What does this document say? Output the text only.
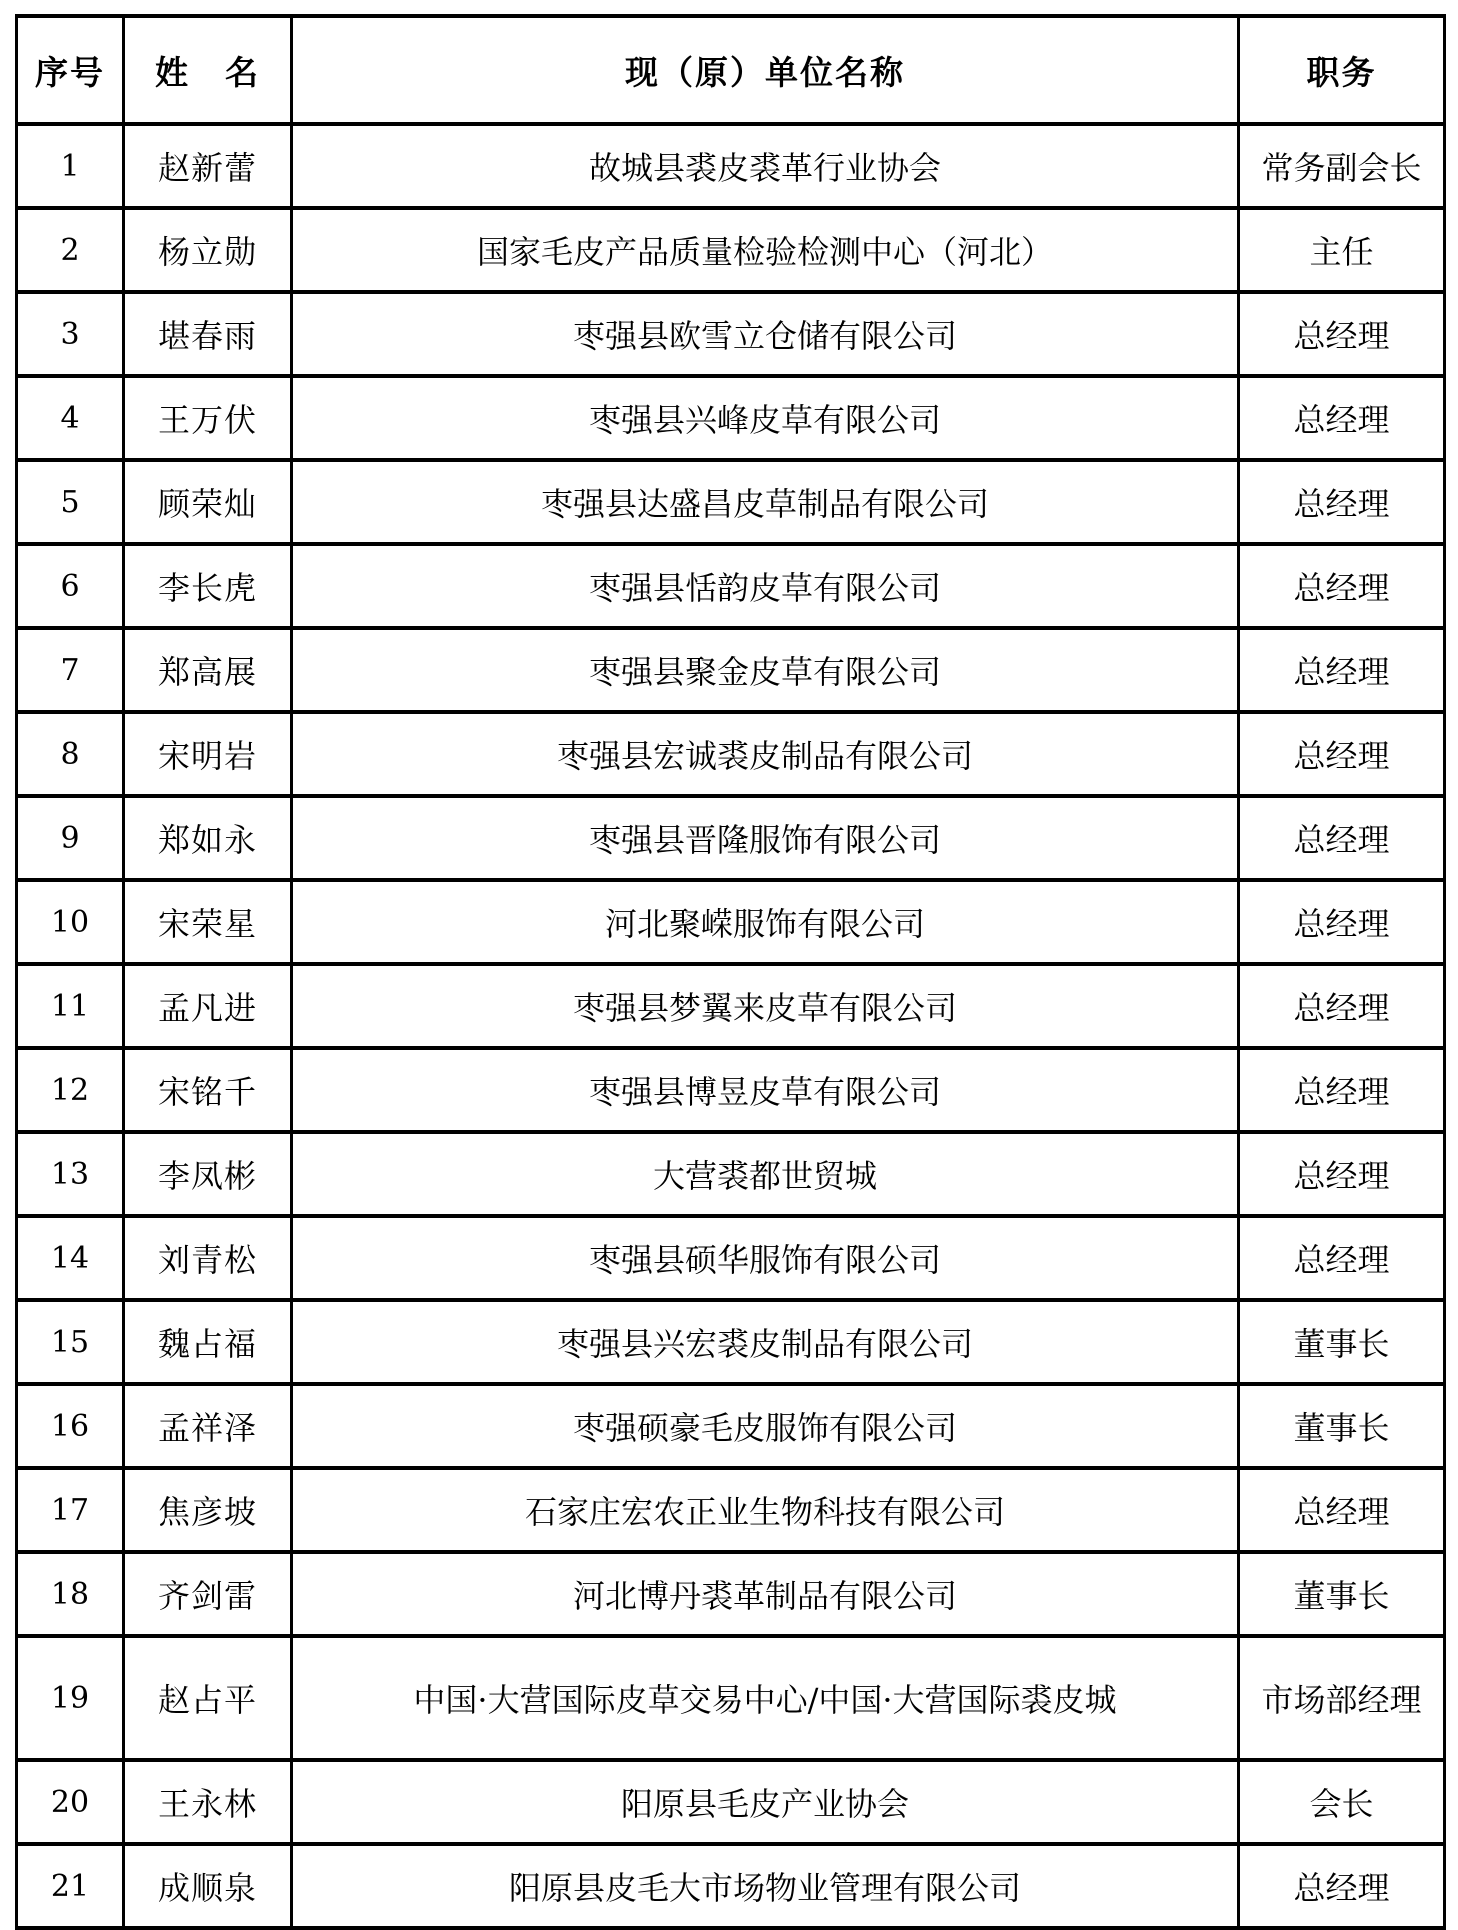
序号	姓　名	现（原）单位名称	职务
1	赵新蕾	故城县裘皮裘革行业协会	常务副会长
2	杨立勋	国家毛皮产品质量检验检测中心（河北）	主任
3	堪春雨	枣强县欧雪立仓储有限公司	总经理
4	王万伏	枣强县兴峰皮草有限公司	总经理
5	顾荣灿	枣强县达盛昌皮草制品有限公司	总经理
6	李长虎	枣强县恬韵皮草有限公司	总经理
7	郑高展	枣强县聚金皮草有限公司	总经理
8	宋明岩	枣强县宏诚裘皮制品有限公司	总经理
9	郑如永	枣强县晋隆服饰有限公司	总经理
10	宋荣星	河北聚嵘服饰有限公司	总经理
11	孟凡进	枣强县梦翼来皮草有限公司	总经理
12	宋铭千	枣强县博昱皮草有限公司	总经理
13	李凤彬	大营裘都世贸城	总经理
14	刘青松	枣强县硕华服饰有限公司	总经理
15	魏占福	枣强县兴宏裘皮制品有限公司	董事长
16	孟祥泽	枣强硕豪毛皮服饰有限公司	董事长
17	焦彦坡	石家庄宏农正业生物科技有限公司	总经理
18	齐剑雷	河北博丹裘革制品有限公司	董事长
19	赵占平	中国·大营国际皮草交易中心/中国·大营国际裘皮城	市场部经理
20	王永林	阳原县毛皮产业协会	会长
21	成顺泉	阳原县皮毛大市场物业管理有限公司	总经理
